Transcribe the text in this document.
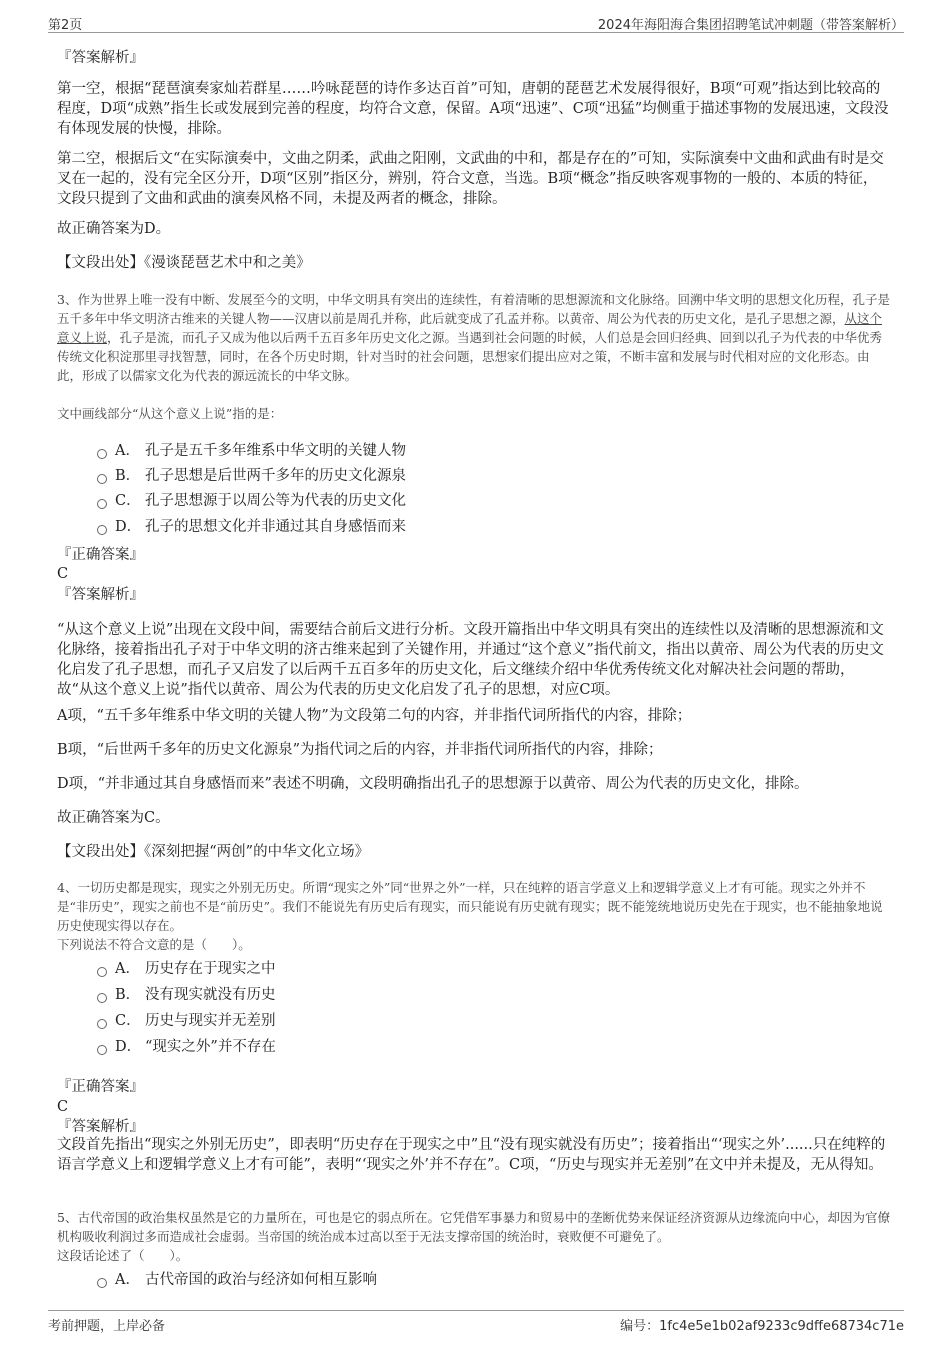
第2页	2024年海阳海合集团招聘笔试冲刺题（带答案解析）
『答案解析』
第一空，根据“琵琶演奏家灿若群星……吟咏琵琶的诗作多达百首”可知，唐朝的琵琶艺术发展得很好，B项“可观”指达到比较高的程度，D项“成熟”指生长或发展到完善的程度，均符合文意，保留。A项“迅速”、C项“迅猛”均侧重于描述事物的发展迅速，文段没有体现发展的快慢，排除。
第二空，根据后文“在实际演奏中，文曲之阴柔，武曲之阳刚，文武曲的中和，都是存在的”可知，实际演奏中文曲和武曲有时是交叉在一起的，没有完全区分开，D项“区别”指区分，辨别，符合文意，当选。B项“概念”指反映客观事物的一般的、本质的特征，文段只提到了文曲和武曲的演奏风格不同，未提及两者的概念，排除。
故正确答案为D。
【文段出处】《漫谈琵琶艺术中和之美》
3、作为世界上唯一没有中断、发展至今的文明，中华文明具有突出的连续性，有着清晰的思想源流和文化脉络。回溯中华文明的思想文化历程，孔子是五千多年中华文明济古维来的关键人物——汉唐以前是周孔并称，此后就变成了孔孟并称。以黄帝、周公为代表的历史文化，是孔子思想之源，从这个意义上说，孔子是流，而孔子又成为他以后两千五百多年历史文化之源。当遇到社会问题的时候，人们总是会回归经典、回到以孔子为代表的中华优秀传统文化积淀那里寻找智慧，同时，在各个历史时期，针对当时的社会问题，思想家们提出应对之策，不断丰富和发展与时代相对应的文化形态。由此，形成了以儒家文化为代表的源远流长的中华文脉。
文中画线部分“从这个意义上说”指的是：
A． 孔子是五千多年维系中华文明的关键人物
B． 孔子思想是后世两千多年的历史文化源泉
C． 孔子思想源于以周公等为代表的历史文化
D． 孔子的思想文化并非通过其自身感悟而来
『正确答案』
C
『答案解析』
“从这个意义上说”出现在文段中间，需要结合前后文进行分析。文段开篇指出中华文明具有突出的连续性以及清晰的思想源流和文化脉络，接着指出孔子对于中华文明的济古维来起到了关键作用，并通过“这个意义”指代前文，指出以黄帝、周公为代表的历史文化启发了孔子思想，而孔子又启发了以后两千五百多年的历史文化，后文继续介绍中华优秀传统文化对解决社会问题的帮助，故“从这个意义上说”指代以黄帝、周公为代表的历史文化启发了孔子的思想，对应C项。
A项，“五千多年维系中华文明的关键人物”为文段第二句的内容，并非指代词所指代的内容，排除；
B项，“后世两千多年的历史文化源泉”为指代词之后的内容，并非指代词所指代的内容，排除；
D项，“并非通过其自身感悟而来”表述不明确，文段明确指出孔子的思想源于以黄帝、周公为代表的历史文化，排除。
故正确答案为C。
【文段出处】《深刻把握“两创”的中华文化立场》
4、一切历史都是现实，现实之外别无历史。所谓“现实之外”同“世界之外”一样，只在纯粹的语言学意义上和逻辑学意义上才有可能。现实之外并不是“非历史”，现实之前也不是“前历史”。我们不能说先有历史后有现实，而只能说有历史就有现实；既不能笼统地说历史先在于现实，也不能抽象地说历史使现实得以存在。
下列说法不符合文意的是（　　）。
A． 历史存在于现实之中
B． 没有现实就没有历史
C． 历史与现实并无差别
D． “现实之外”并不存在
『正确答案』
C
『答案解析』
文段首先指出“现实之外别无历史”，即表明“历史存在于现实之中”且“没有现实就没有历史”；接着指出“‘现实之外’......只在纯粹的语言学意义上和逻辑学意义上才有可能”，表明“‘现实之外’并不存在”。C项，“历史与现实并无差别”在文中并未提及，无从得知。
5、古代帝国的政治集权虽然是它的力量所在，可也是它的弱点所在。它凭借军事暴力和贸易中的垄断优势来保证经济资源从边缘流向中心，却因为官僚机构吸收利润过多而造成社会虚弱。当帝国的统治成本过高以至于无法支撑帝国的统治时，衰败便不可避免了。
这段话论述了（　　）。
A． 古代帝国的政治与经济如何相互影响
考前押题，上岸必备	编号：1fc4e5e1b02af9233c9dffe68734c71e
